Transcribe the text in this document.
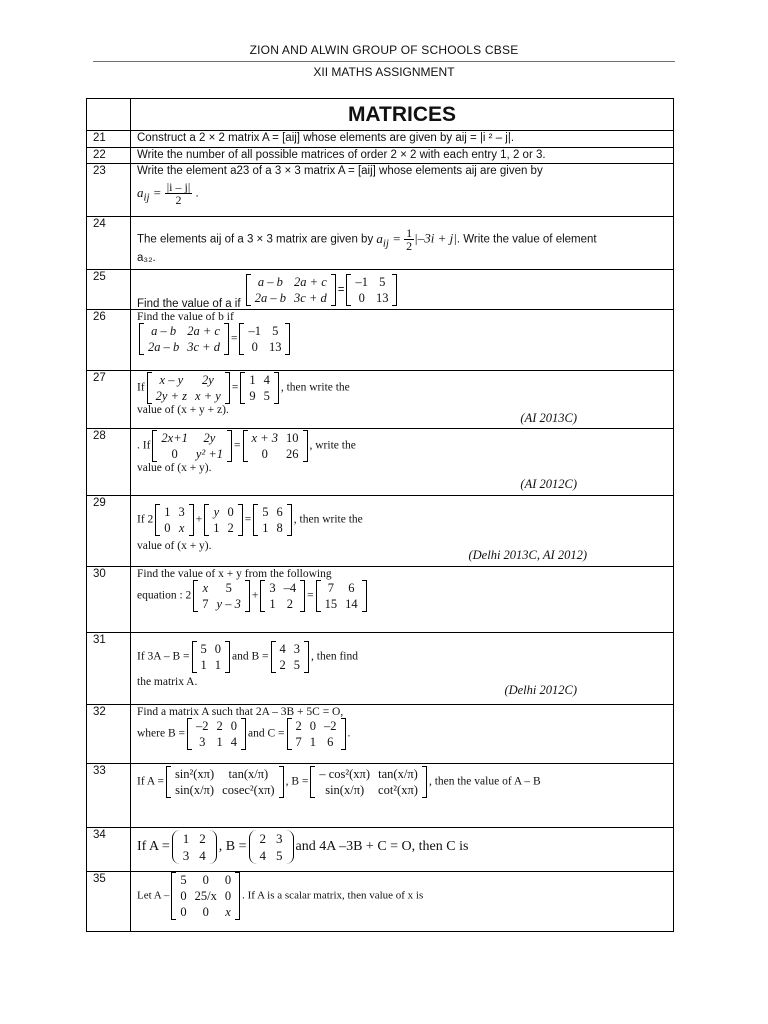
ZION AND ALWIN GROUP OF SCHOOLS CBSE
XII MATHS ASSIGNMENT
MATRICES
21	Construct a 2 × 2 matrix A = [aij] whose elements are given by aij = |i ² – j|.
22	Write the number of all possible matrices of order 2 × 2 with each entry 1, 2 or 3.
23	Write the element a23 of a 3 × 3 matrix A = [aij] whose elements aij are given by
$a_{ij} = \frac{|i - j|}{2}$ .
24
The elements aij of a 3 × 3 matrix are given by $a_{ij} = \frac{1}{2} |-3i + j|$. Write the value of element
a₃₂.
25
Find the value of a if
a – b	2a + c
2a – b	3c + d
=
–1	5
0	13
26	Find the value of b if
a – b	2a + c
2a – b	3c + d
=
–1	5
0	13
27
If
x – y	2y
2y + z	x + y
=
1	4
9	5
, then write the
value of (x + y + z).
(AI 2013C)
28
. If
2x+1	2y
0	y² +1
=
x + 3	10
0	26
, write the
value of (x + y).
(AI 2012C)
29
If 2
1	3
0	x
+
y	0
1	2
=
5	6
1	8
, then write the
value of (x + y).
(Delhi 2013C, AI 2012)
30	Find the value of x + y from the following
equation : 2
x	5
7	y – 3
+
3	–4
1	2
=
7	6
15	14
31
If 3A – B =
5	0
1	1
and B =
4	3
2	5
, then find
the matrix A.
(Delhi 2012C)
32	Find a matrix A such that 2A – 3B + 5C = O,
where B =
–2	2	0
3	1	4
and C =
2	0	–2
7	1	6
.
33
If A =
sin²(xπ)	tan(x/π)
sin(x/π)	cosec²(xπ)
, B =
– cos²(xπ)	tan(x/π)
sin(x/π)	cot²(xπ)
, then the value of A – B
34
If A =
1	2
3	4
, B =
2	3
4	5
and 4A –3B + C = O, then C is
35
Let A –
5	0	0
0	25/x	0
0	0	x
. If A is a scalar matrix, then value of x is
